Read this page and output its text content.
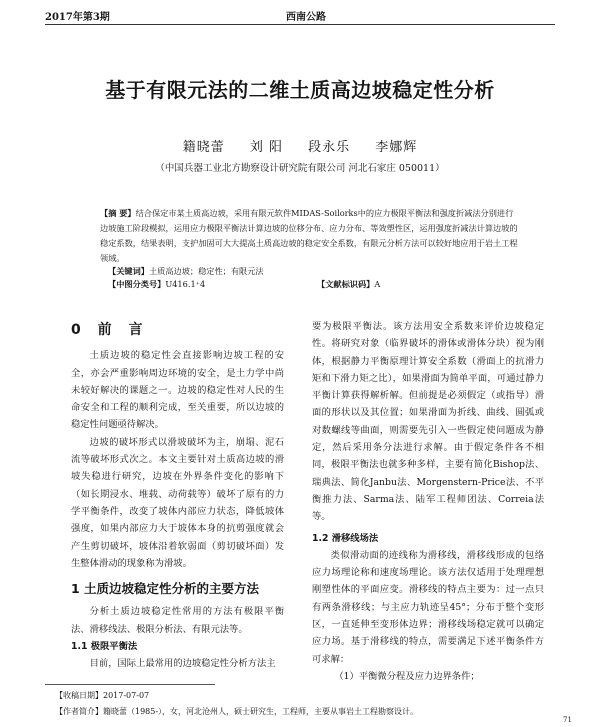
2017年第3期	西南公路
基于有限元法的二维土质高边坡稳定性分析
籍晓蕾 刘 阳 段永乐 李娜辉
（中国兵器工业北方勘察设计研究院有限公司 河北石家庄 050011）
【摘 要】结合保定市某土质高边坡，采用有限元软件MIDAS-Soilorks中的应力极限平衡法和强度折减法分别进行边坡施工阶段模拟，运用应力极限平衡法计算边坡的位移分布、应力分布、等效塑性区，运用强度折减法计算边坡的稳定系数，结果表明，支护加固可大大提高土质高边坡的稳定安全系数，有限元分析方法可以较好地应用于岩土工程领域。
【关键词】土质高边坡；稳定性；有限元法
【中图分类号】U416.1⁺4	【文献标识码】A
0 前 言

土质边坡的稳定性会直接影响边坡工程的安全，亦会严重影响周边环境的安全，是土力学中尚未较好解决的课题之一。边坡的稳定性对人民的生命安全和工程的顺利完成，至关重要，所以边坡的稳定性问题亟待解决。

边坡的破坏形式以滑坡破坏为主，崩塌、泥石流等破坏形式次之。本文主要针对土质高边坡的滑坡失稳进行研究，边坡在外界条件变化的影响下（如长期浸水、堆载、动荷载等）破坏了原有的力学平衡条件，改变了坡体内部应力状态，降低坡体强度，如果内部应力大于坡体本身的抗剪强度就会产生剪切破坏，坡体沿着软弱面（剪切破坏面）发生整体滑动的现象称为滑坡。

1 土质边坡稳定性分析的主要方法

分析土质边坡稳定性常用的方法有极限平衡法、滑移线法、极限分析法、有限元法等。

1.1 极限平衡法

目前，国际上最常用的边坡稳定性分析方法主

要为极限平衡法。该方法用安全系数来评价边坡稳定性。将研究对象（临界破坏的滑体或滑体分块）视为刚体，根据静力平衡原理计算安全系数（滑面上的抗滑力矩和下滑力矩之比），如果滑面为简单平面，可通过静力平衡计算获得解析解。但前提是必须假定（或指导）滑面的形状以及其位置；如果滑面为折线、曲线、圆弧或对数螺线等曲面，则需要先引入一些假定使问题成为静定，然后采用条分法进行求解。由于假定条件各不相同，极限平衡法也就多种多样，主要有简化Bishop法、瑞典法、简化Janbu法、Morgenstern-Price法、不平衡推力法、Sarma法、陆军工程师团法、Correia法等。

1.2 滑移线场法

类似滑动面的迹线称为滑移线，滑移线形成的包络应力场理论称和速度场理论。该方法仅适用于处理理想刚塑性体的平面应变。滑移线的特点主要为：过一点只有两条滑移线；与主应力轨迹呈45°；分布于整个变形区，一直延伸至变形体边界；滑移线场稳定就可以确定应力场。基于滑移线的特点，需要满足下述平衡条件方可求解：

（1）平衡微分程及应力边界条件；

【收稿日期】2017-07-07
【作者简介】籍晓蕾（1985-），女，河北沧州人，硕士研究生，工程师，主要从事岩土工程勘察设计。
71
